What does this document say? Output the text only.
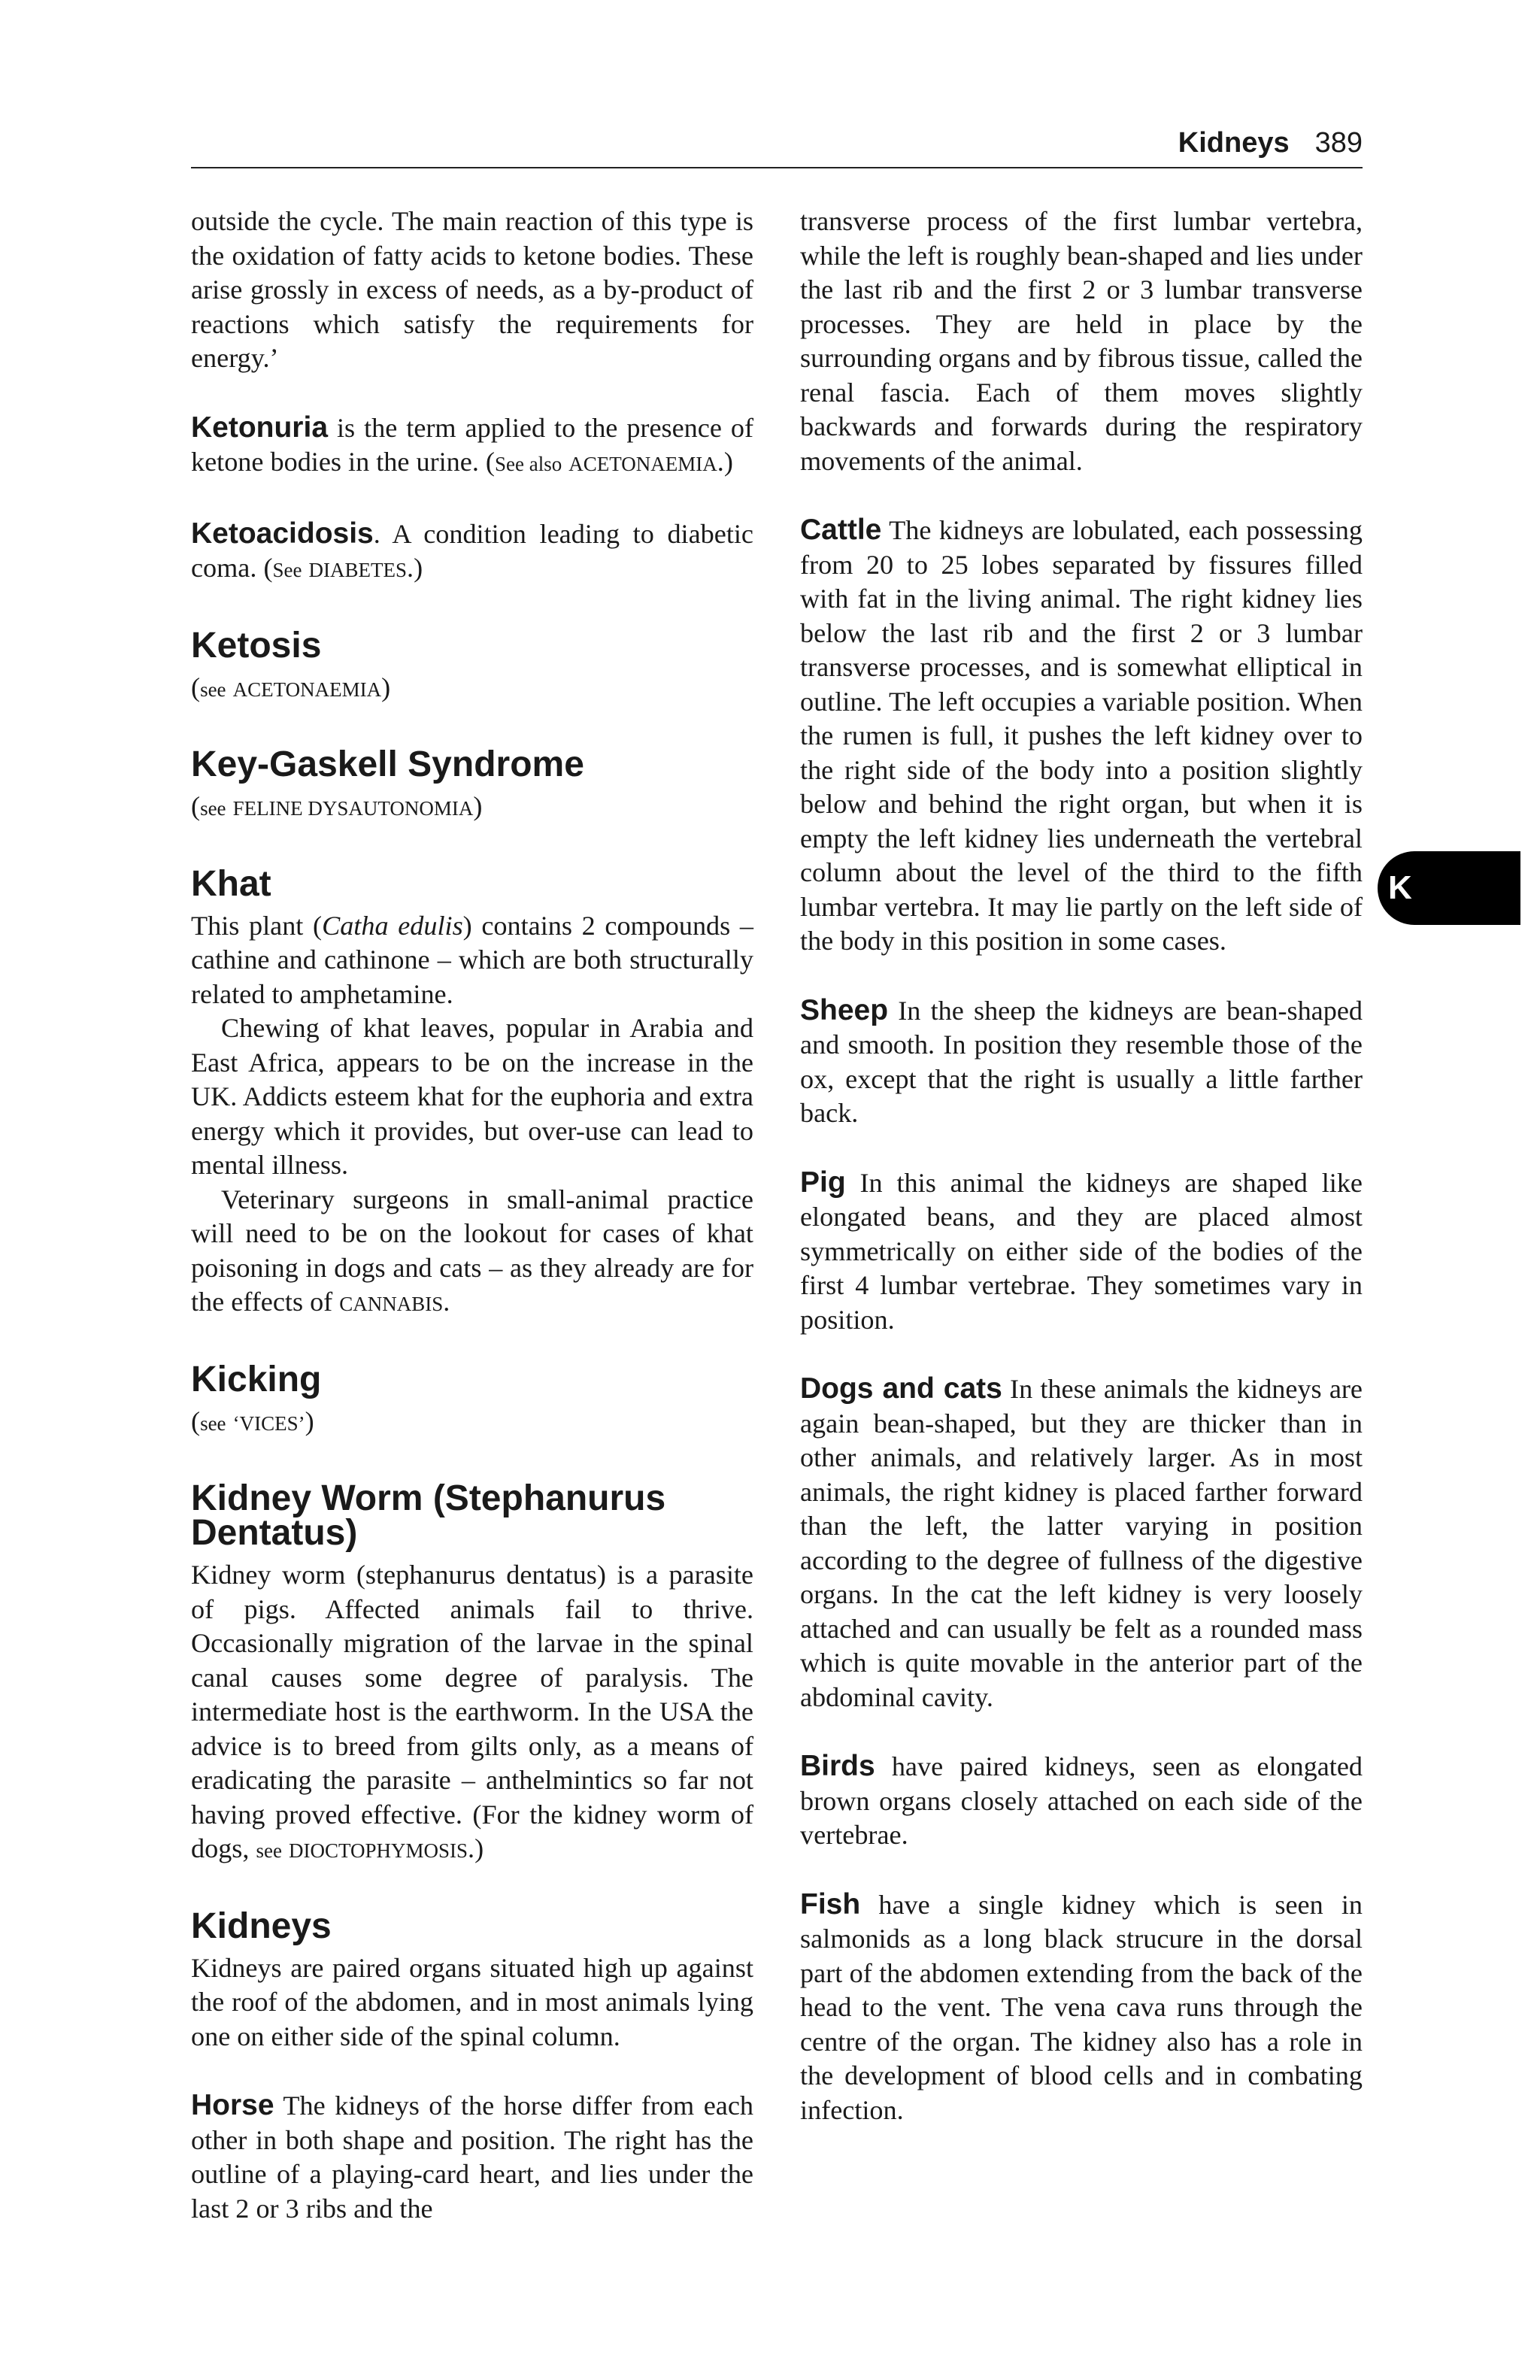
Kidneys 389
K

outside the cycle. The main reaction of this type is the oxidation of fatty acids to ketone bodies. These arise grossly in excess of needs, as a by-product of reactions which satisfy the requirements for energy.’

Ketonuria is the term applied to the presence of ketone bodies in the urine. (See also ACETONAEMIA.)

Ketoacidosis. A condition leading to diabetic coma. (See DIABETES.)

Ketosis

(see ACETONAEMIA)

Key-Gaskell Syndrome

(see FELINE DYSAUTONOMIA)

Khat

This plant (Catha edulis) contains 2 compounds – cathine and cathinone – which are both structurally related to amphetamine.

Chewing of khat leaves, popular in Arabia and East Africa, appears to be on the increase in the UK. Addicts esteem khat for the euphoria and extra energy which it provides, but over-use can lead to mental illness.

Veterinary surgeons in small-animal practice will need to be on the lookout for cases of khat poisoning in dogs and cats – as they already are for the effects of CANNABIS.

Kicking

(see ‘VICES’)

Kidney Worm (Stephanurus Dentatus)

Kidney worm (stephanurus dentatus) is a parasite of pigs. Affected animals fail to thrive. Occasionally migration of the larvae in the spinal canal causes some degree of paralysis. The intermediate host is the earthworm. In the USA the advice is to breed from gilts only, as a means of eradicating the parasite – anthelmintics so far not having proved effective. (For the kidney worm of dogs, see DIOCTOPHYMOSIS.)

Kidneys

Kidneys are paired organs situated high up against the roof of the abdomen, and in most animals lying one on either side of the spinal column.

Horse The kidneys of the horse differ from each other in both shape and position. The right has the outline of a playing-card heart, and lies under the last 2 or 3 ribs and the

transverse process of the first lumbar vertebra, while the left is roughly bean-shaped and lies under the last rib and the first 2 or 3 lumbar transverse processes. They are held in place by the surrounding organs and by fibrous tissue, called the renal fascia. Each of them moves slightly backwards and forwards during the respiratory movements of the animal.

Cattle The kidneys are lobulated, each possessing from 20 to 25 lobes separated by fissures filled with fat in the living animal. The right kidney lies below the last rib and the first 2 or 3 lumbar transverse processes, and is somewhat elliptical in outline. The left occupies a variable position. When the rumen is full, it pushes the left kidney over to the right side of the body into a position slightly below and behind the right organ, but when it is empty the left kidney lies underneath the vertebral column about the level of the third to the fifth lumbar vertebra. It may lie partly on the left side of the body in this position in some cases.

Sheep In the sheep the kidneys are bean-shaped and smooth. In position they resemble those of the ox, except that the right is usually a little farther back.

Pig In this animal the kidneys are shaped like elongated beans, and they are placed almost symmetrically on either side of the bodies of the first 4 lumbar vertebrae. They sometimes vary in position.

Dogs and cats In these animals the kidneys are again bean-shaped, but they are thicker than in other animals, and relatively larger. As in most animals, the right kidney is placed farther forward than the left, the latter varying in position according to the degree of fullness of the digestive organs. In the cat the left kidney is very loosely attached and can usually be felt as a rounded mass which is quite movable in the anterior part of the abdominal cavity.

Birds have paired kidneys, seen as elongated brown organs closely attached on each side of the vertebrae.

Fish have a single kidney which is seen in salmonids as a long black strucure in the dorsal part of the abdomen extending from the back of the head to the vent. The vena cava runs through the centre of the organ. The kidney also has a role in the development of blood cells and in combating infection.
